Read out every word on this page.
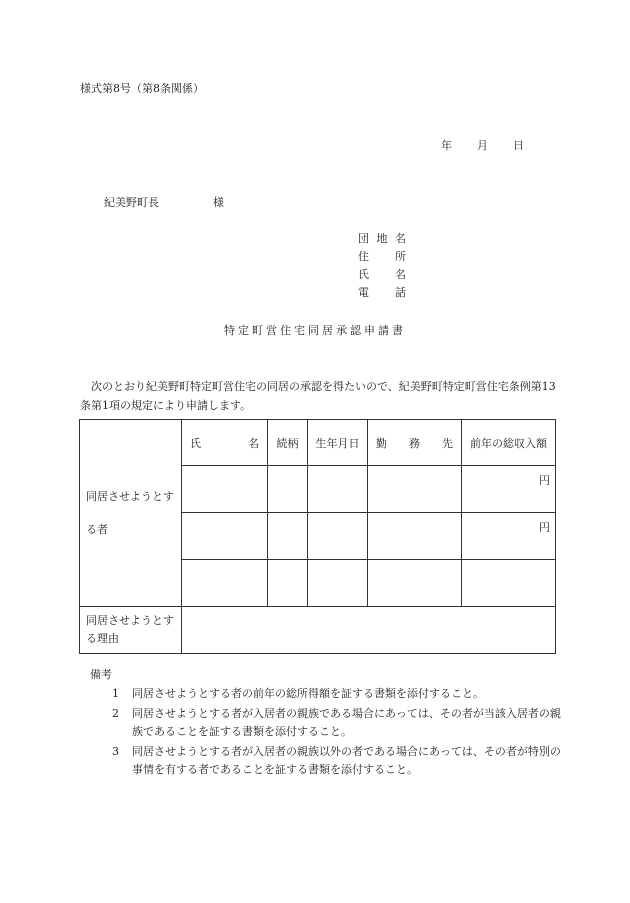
様式第8号（第8条関係）
年	月	日
紀美野町長	様
団地名
住所
氏名
電話
特定町営住宅同居承認申請書
次のとおり紀美野町特定町営住宅の同居の承認を得たいので、紀美野町特定町営住宅条例第13条第1項の規定により申請します。
同居させようとする者	氏 名	続柄	生年月日	勤 務 先	前年の総収入額
					円
					円

同居させようとする理由					

備考
1	同居させようとする者の前年の総所得額を証する書類を添付すること。
2	同居させようとする者が入居者の親族である場合にあっては、その者が当該入居者の親族であることを証する書類を添付すること。
3	同居させようとする者が入居者の親族以外の者である場合にあっては、その者が特別の事情を有する者であることを証する書類を添付すること。
